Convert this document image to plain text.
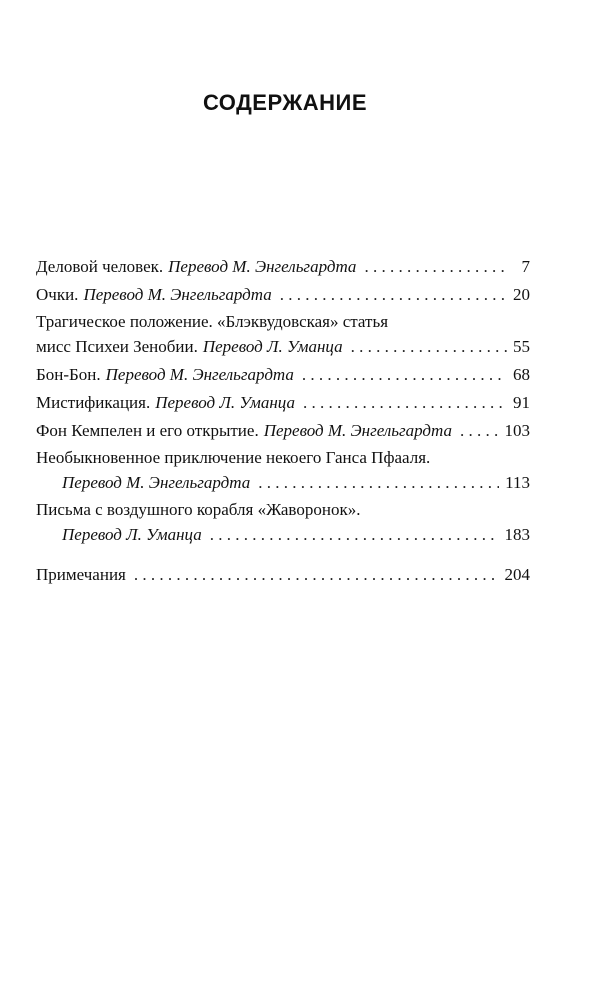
СОДЕРЖАНИЕ
Деловой человек. Перевод М. Энгельгардта . . .	7
Очки. Перевод М. Энгельгардта . . .	20
Трагическое положение. «Блэквудовская» статья
мисс Психеи Зенобии. Перевод Л. Уманца . . .	55
Бон-Бон. Перевод М. Энгельгардта . . .	68
Мистификация. Перевод Л. Уманца . . .	91
Фон Кемпелен и его открытие. Перевод М. Энгельгардта . . .	103
Необыкновенное приключение некоего Ганса Пфааля.
Перевод М. Энгельгардта . . .	113
Письма с воздушного корабля «Жаворонок».
Перевод Л. Уманца . . .	183
Примечания . . .	204
